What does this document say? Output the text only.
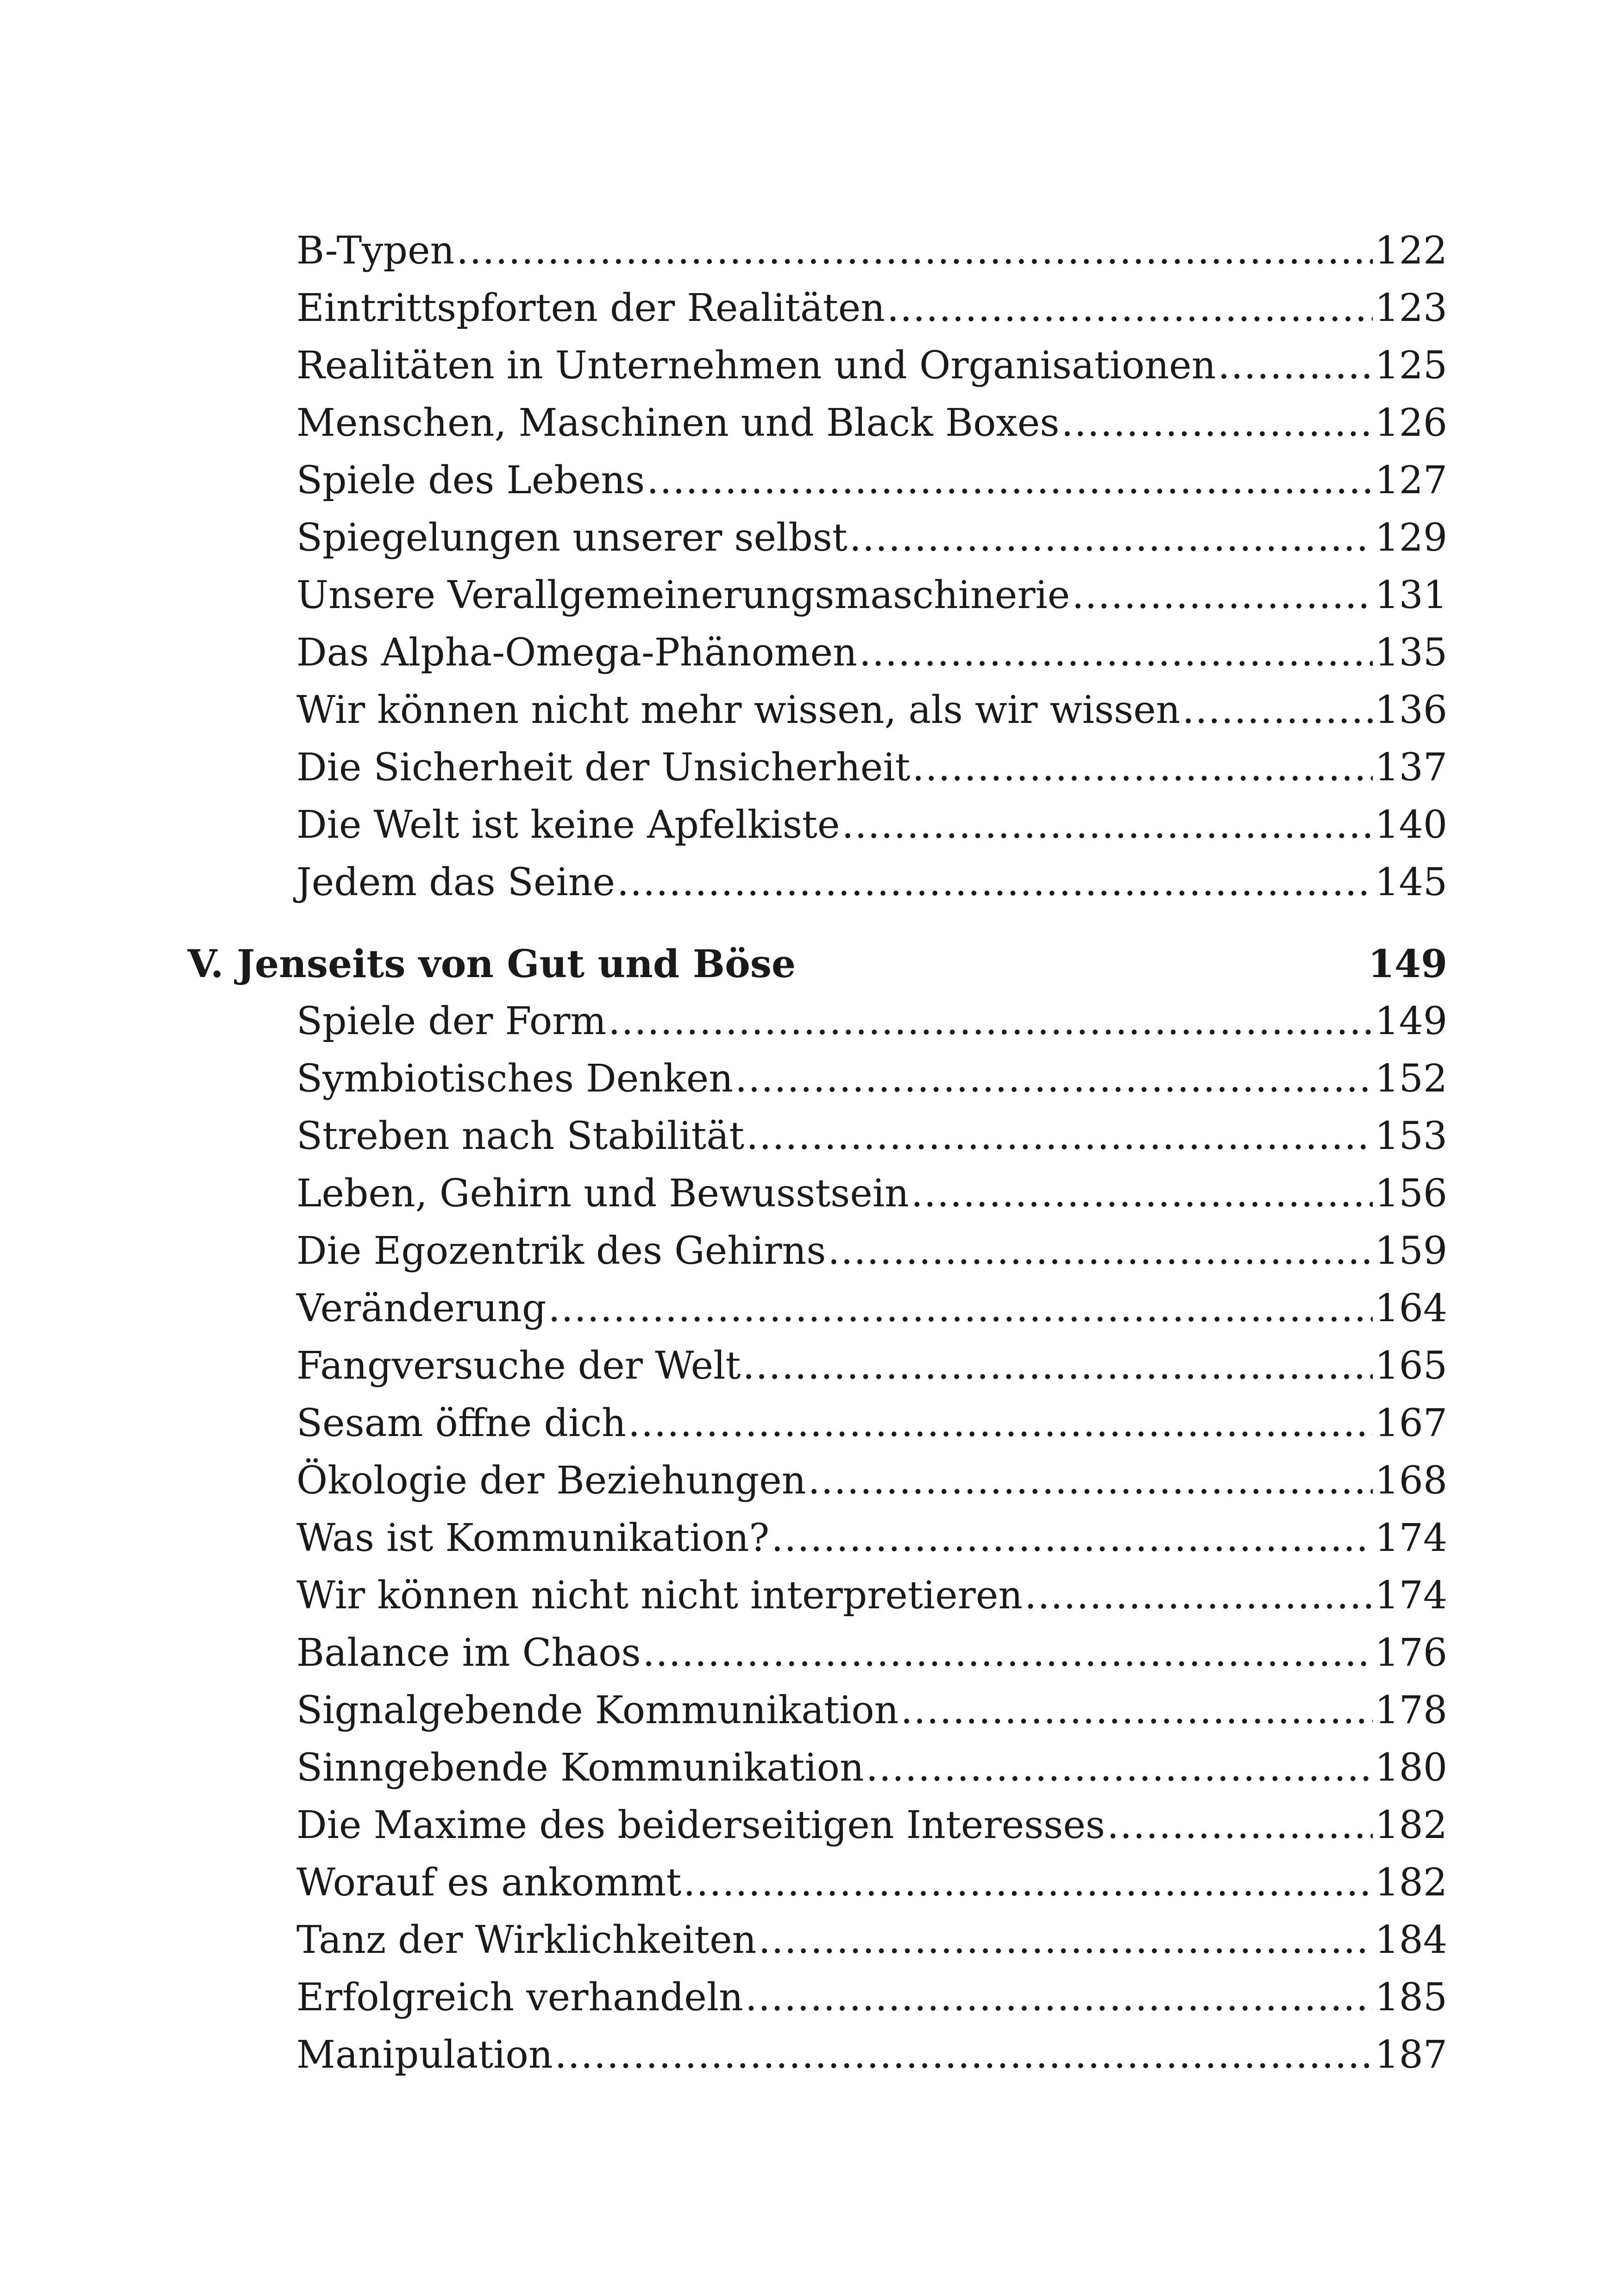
B-Typen .....	122
Eintrittspforten der Realitäten .....	123
Realitäten in Unternehmen und Organisationen .....	125
Menschen, Maschinen und Black Boxes .....	126
Spiele des Lebens .....	127
Spiegelungen unserer selbst .....	129
Unsere Verallgemeinerungsmaschinerie .....	131
Das Alpha-Omega-Phänomen .....	135
Wir können nicht mehr wissen, als wir wissen .....	136
Die Sicherheit der Unsicherheit .....	137
Die Welt ist keine Apfelkiste .....	140
Jedem das Seine .....	145
V. Jenseits von Gut und Böse	149
Spiele der Form .....	149
Symbiotisches Denken .....	152
Streben nach Stabilität .....	153
Leben, Gehirn und Bewusstsein .....	156
Die Egozentrik des Gehirns .....	159
Veränderung .....	164
Fangversuche der Welt .....	165
Sesam öffne dich .....	167
Ökologie der Beziehungen .....	168
Was ist Kommunikation? .....	174
Wir können nicht nicht interpretieren .....	174
Balance im Chaos .....	176
Signalgebende Kommunikation .....	178
Sinngebende Kommunikation .....	180
Die Maxime des beiderseitigen Interesses .....	182
Worauf es ankommt .....	182
Tanz der Wirklichkeiten .....	184
Erfolgreich verhandeln .....	185
Manipulation .....	187
